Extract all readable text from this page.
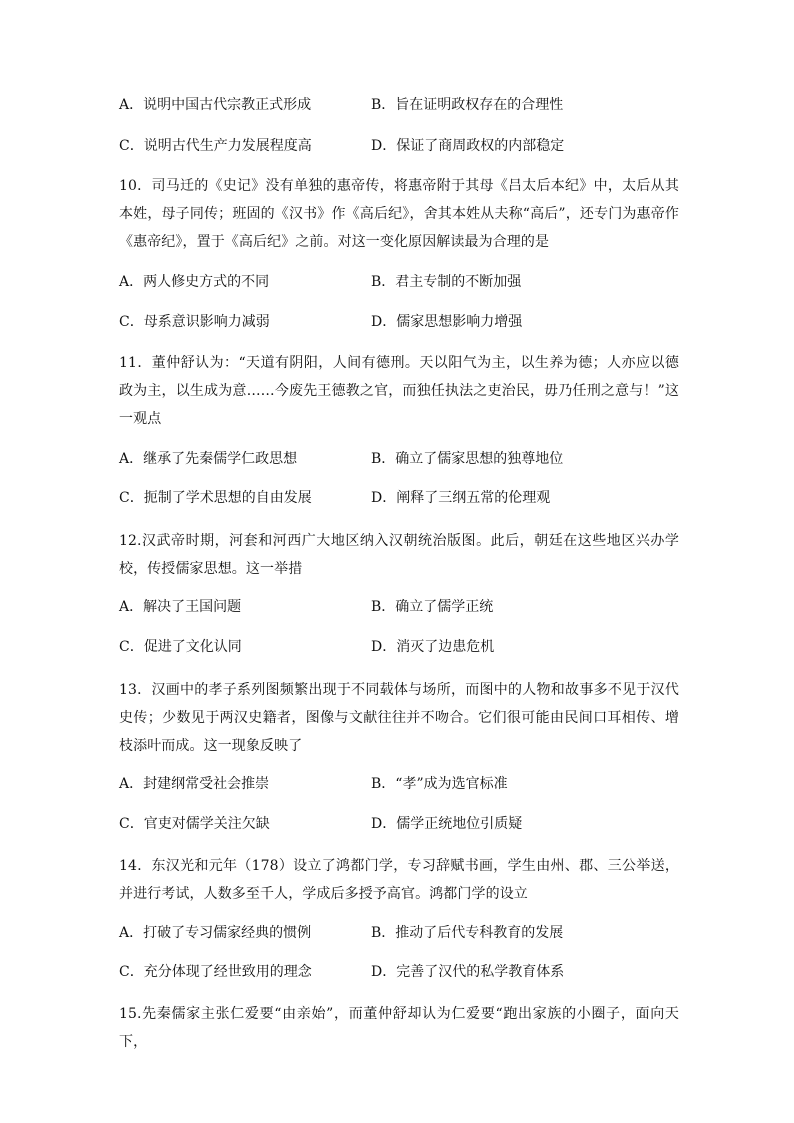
A．说明中国古代宗教正式形成	B．旨在证明政权存在的合理性
C．说明古代生产力发展程度高	D．保证了商周政权的内部稳定
10．司马迁的《史记》没有单独的惠帝传，将惠帝附于其母《吕太后本纪》中，太后从其本姓，母子同传；班固的《汉书》作《高后纪》，舍其本姓从夫称“高后”，还专门为惠帝作《惠帝纪》，置于《高后纪》之前。对这一变化原因解读最为合理的是
A．两人修史方式的不同	B．君主专制的不断加强
C．母系意识影响力减弱	D．儒家思想影响力增强
11．董仲舒认为：“天道有阴阳，人间有德刑。天以阳气为主，以生养为德；人亦应以德政为主，以生成为意……今废先王德教之官，而独任执法之吏治民，毋乃任刑之意与！”这一观点
A．继承了先秦儒学仁政思想	B．确立了儒家思想的独尊地位
C．扼制了学术思想的自由发展	D．阐释了三纲五常的伦理观
12.汉武帝时期，河套和河西广大地区纳入汉朝统治版图。此后，朝廷在这些地区兴办学校，传授儒家思想。这一举措
A．解决了王国问题	B．确立了儒学正统
C．促进了文化认同	D．消灭了边患危机
13．汉画中的孝子系列图频繁出现于不同载体与场所，而图中的人物和故事多不见于汉代史传；少数见于两汉史籍者，图像与文献往往并不吻合。它们很可能由民间口耳相传、增枝添叶而成。这一现象反映了
A．封建纲常受社会推崇	B．“孝”成为选官标准
C．官吏对儒学关注欠缺	D．儒学正统地位引质疑
14．东汉光和元年（178）设立了鸿都门学，专习辞赋书画，学生由州、郡、三公举送，并进行考试，人数多至千人，学成后多授予高官。鸿都门学的设立
A．打破了专习儒家经典的惯例	B．推动了后代专科教育的发展
C．充分体现了经世致用的理念	D．完善了汉代的私学教育体系
15.先秦儒家主张仁爱要“由亲始”，而董仲舒却认为仁爱要“跑出家族的小圈子，面向天下，
